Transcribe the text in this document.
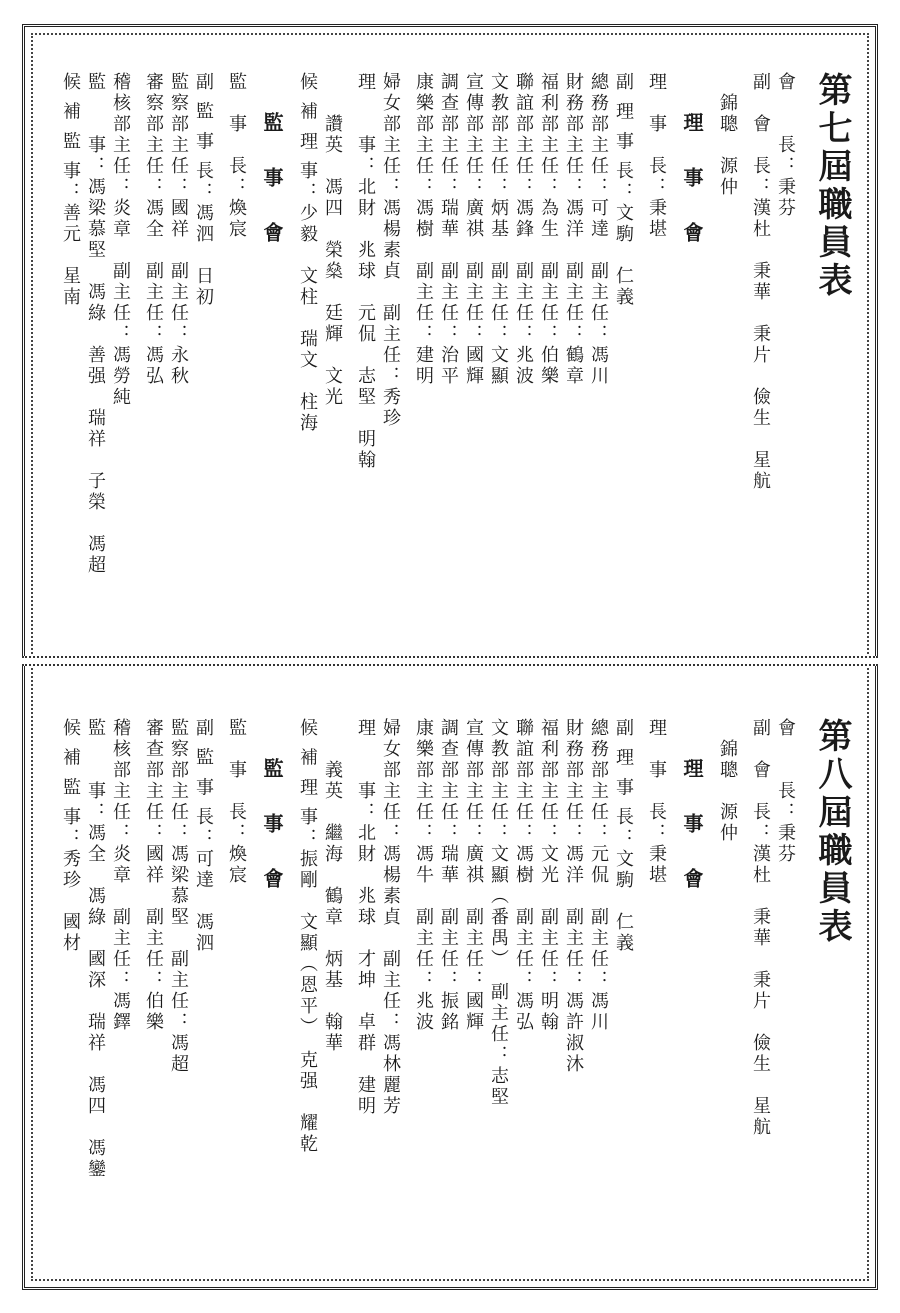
第七屆職員表

會　　長：秉芬

副　會　長：漢杜　秉華　秉片　儉生　星航

　錦聰　源仲

理 事 會

理　事　長：秉堪

副 理 事 長：文駒　仁義

總務部主任：可達　副主任：馮川

財務部主任：馮洋　副主任：鶴章

福利部主任：為生　副主任：伯樂

聯誼部主任：馮鋒　副主任：兆波

文教部主任：炳基　副主任：文顯

宣傳部主任：廣祺　副主任：國輝

調查部主任：瑞華　副主任：治平

康樂部主任：馮樹　副主任：建明

婦女部主任：馮楊素貞　副主任：秀珍

理　　事：北財　兆球　元侃　志堅　明翰

　　讚英　馮四　榮燊　廷輝　文光

候 補 理 事：少毅　文柱　瑞文　柱海

監 事 會

監　事　長：煥宸

副 監 事 長：馮泗　日初

監察部主任：國祥　副主任：永秋

審察部主任：馮全　副主任：馮弘

稽核部主任：炎章　副主任：馮勞純

監　　事：馮梁慕堅　馮綠　善强　瑞祥　子榮　馮超

候 補 監 事：善元　星南

第八屆職員表

會　　長：秉芬

副　會　長：漢杜　秉華　秉片　儉生　星航

　錦聰　源仲

理 事 會

理　事　長：秉堪

副 理 事 長：文駒　仁義

總務部主任：元侃　副主任：馮川

財務部主任：馮洋　副主任：馮許淑沐

福利部主任：文光　副主任：明翰

聯誼部主任：馮樹　副主任：馮弘

文教部主任：文顯（番禺）　副主任：志堅

宣傳部主任：廣祺　副主任：國輝

調查部主任：瑞華　副主任：振銘

康樂部主任：馮牛　副主任：兆波

婦女部主任：馮楊素貞　副主任：馮林麗芳

理　　事：北財　兆球　才坤　卓群　建明

　　義英　繼海　鶴章　炳基　翰華

候 補 理 事：振剛　文顯（恩平）　克强　耀乾

監 事 會

監　事　長：煥宸

副 監 事 長：可達　馮泗

監察部主任：馮梁慕堅　副主任：馮超

審查部主任：國祥　副主任：伯樂

稽核部主任：炎章　副主任：馮鐸

監　　事：馮全　馮綠　國深　瑞祥　馮四　馮鑾

候 補 監 事：秀珍　國材
